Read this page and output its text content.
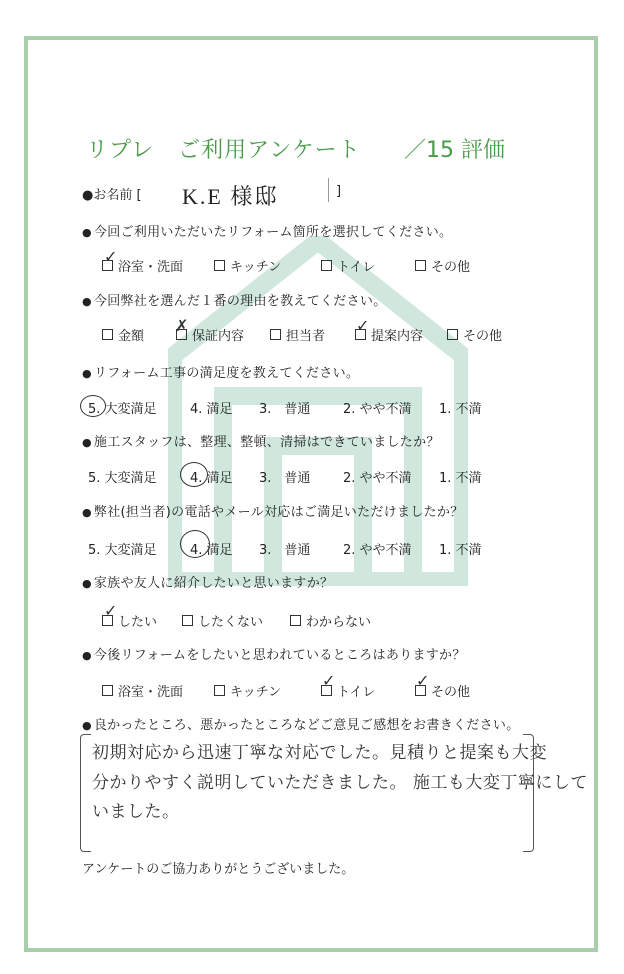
リプレ ご利用アンケート ／15 評価
●お名前 [ K.E 様邸	]
● 今回ご利用いただいたリフォーム箇所を選択してください。
浴室・洗面
✓
キッチン	トイレ	その他
● 今回弊社を選んだ１番の理由を教えてください。
金額	保証内容
✗
担当者	提案内容
✓
その他
● リフォーム工事の満足度を教えてください。
5. 大変満足	4. 満足 3.　普通	2. やや不満 1. 不満
● 施工スタッフは、整理、整頓、清掃はできていましたか？
5. 大変満足	4. 満足 3.　普通	2. やや不満 1. 不満
● 弊社(担当者)の電話やメール対応はご満足いただけましたか？
5. 大変満足	4. 満足 3.　普通	2. やや不満 1. 不満
● 家族や友人に紹介したいと思いますか？
したい
✓
したくない	わからない
● 今後リフォームをしたいと思われているところはありますか？
浴室・洗面	キッチン	トイレ
✓
その他
✓
● 良かったところ、悪かったところなどご意見ご感想をお書きください。
初期対応から迅速丁寧な対応でした。見積りと提案も大変
分かりやすく説明していただきました。 施工も大変丁寧にして
いました。
アンケートのご協力ありがとうございました。
